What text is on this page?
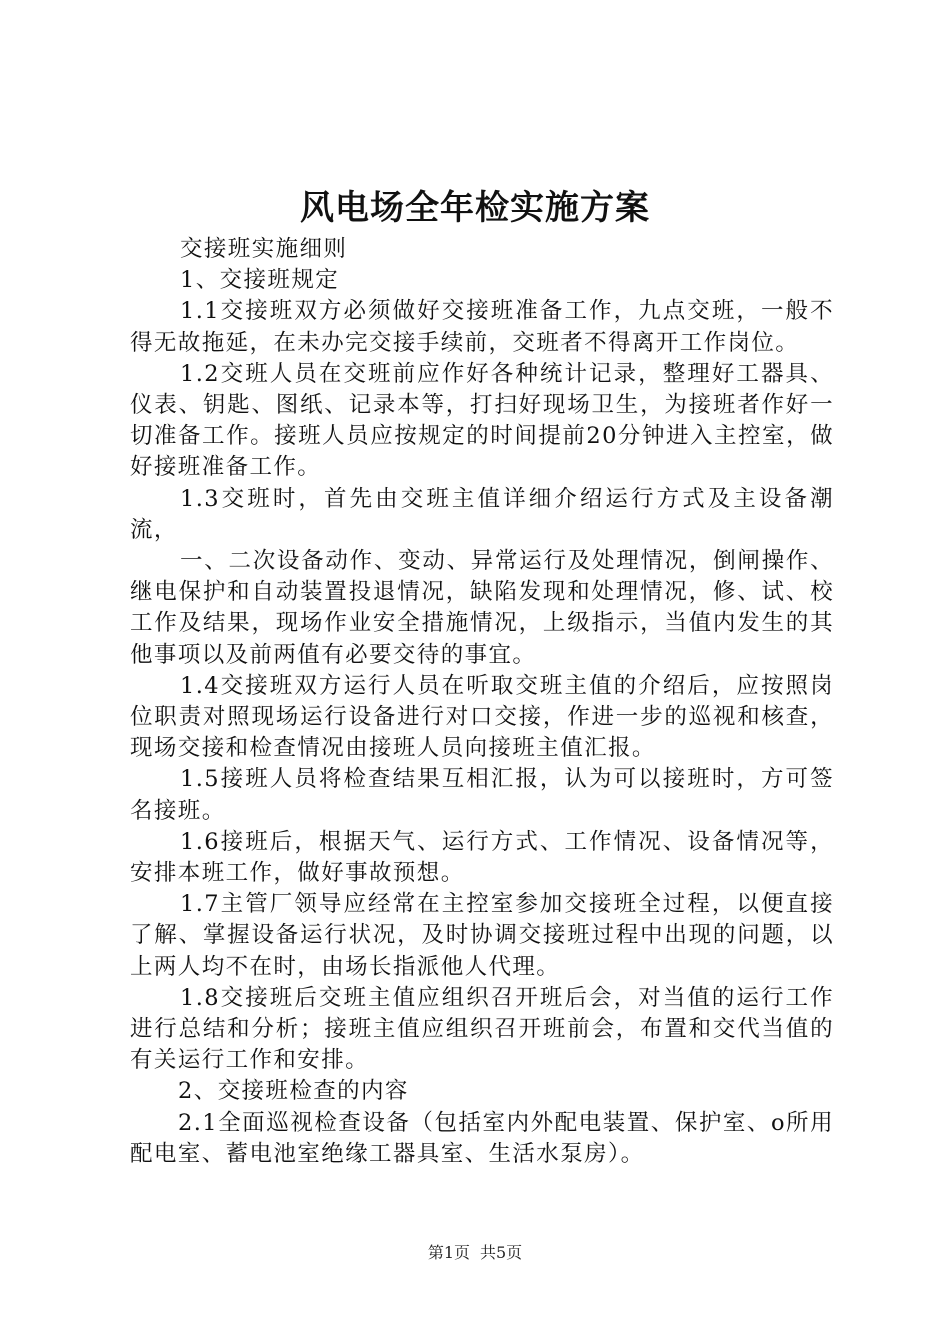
风电场全年检实施方案

交接班实施细则

1、交接班规定

1.1交接班双方必须做好交接班准备工作，九点交班，一般不得无故拖延，在未办完交接手续前，交班者不得离开工作岗位。

1.2交班人员在交班前应作好各种统计记录，整理好工器具、仪表、钥匙、图纸、记录本等，打扫好现场卫生，为接班者作好一切准备工作。接班人员应按规定的时间提前20分钟进入主控室，做好接班准备工作。

1.3交班时，首先由交班主值详细介绍运行方式及主设备潮流，

一、二次设备动作、变动、异常运行及处理情况，倒闸操作、继电保护和自动装置投退情况，缺陷发现和处理情况，修、试、校工作及结果，现场作业安全措施情况，上级指示，当值内发生的其他事项以及前两值有必要交待的事宜。

1.4交接班双方运行人员在听取交班主值的介绍后，应按照岗位职责对照现场运行设备进行对口交接，作进一步的巡视和核查，现场交接和检查情况由接班人员向接班主值汇报。

1.5接班人员将检查结果互相汇报，认为可以接班时，方可签名接班。

1.6接班后，根据天气、运行方式、工作情况、设备情况等，安排本班工作，做好事故预想。

1.7主管厂领导应经常在主控室参加交接班全过程，以便直接了解、掌握设备运行状况，及时协调交接班过程中出现的问题，以上两人均不在时，由场长指派他人代理。

1.8交接班后交班主值应组织召开班后会，对当值的运行工作进行总结和分析；接班主值应组织召开班前会，布置和交代当值的有关运行工作和安排。

2、交接班检查的内容

2.1全面巡视检查设备（包括室内外配电装置、保护室、o所用配电室、蓄电池室绝缘工器具室、生活水泵房）。

第1页 共5页
